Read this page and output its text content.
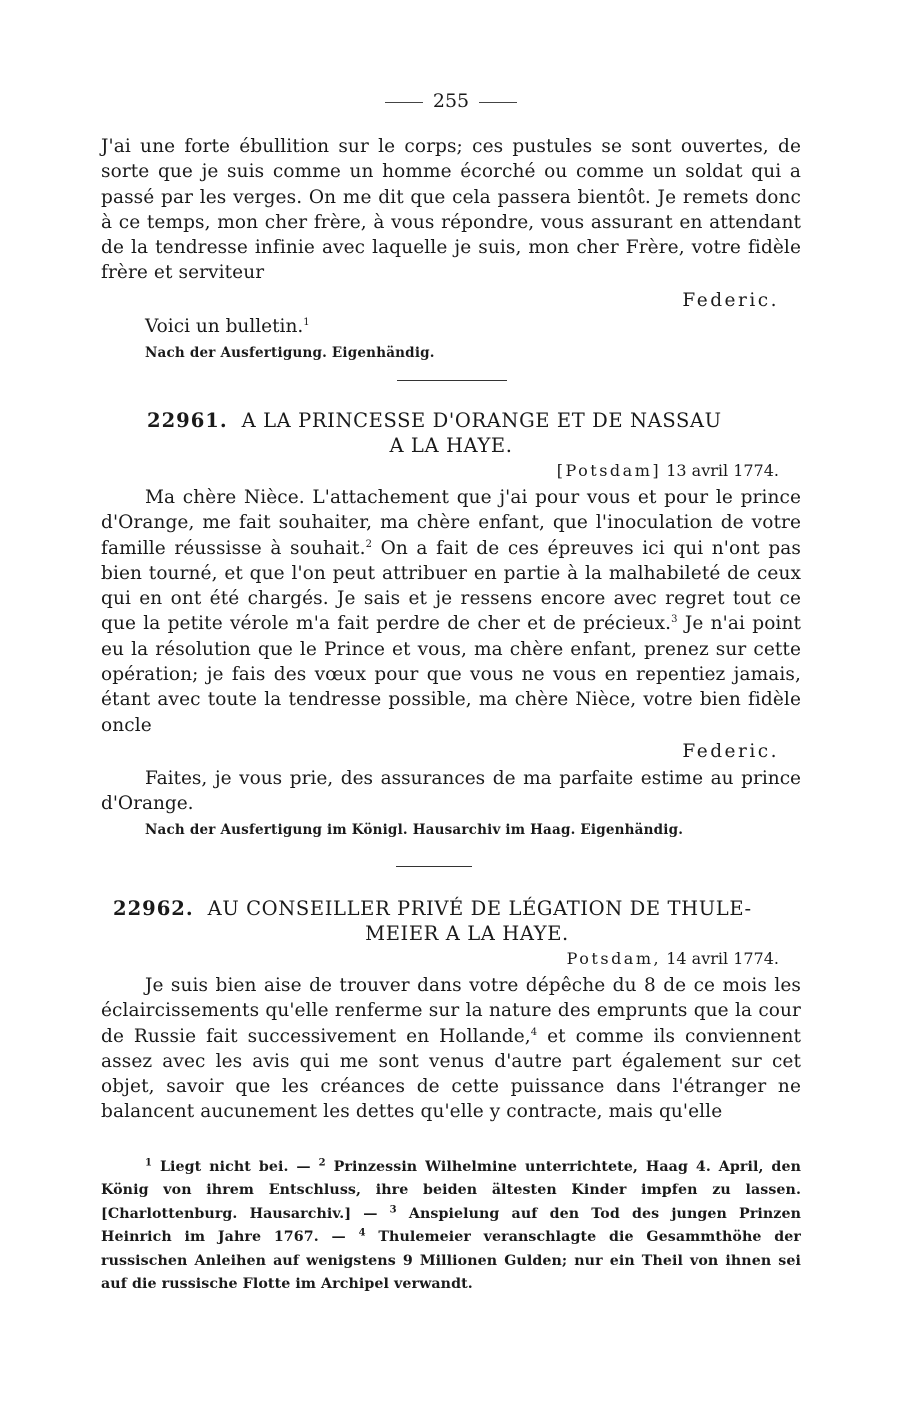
255

J'ai une forte ébullition sur le corps; ces pustules se sont ouvertes, de sorte que je suis comme un homme écorché ou comme un soldat qui a passé par les verges. On me dit que cela passera bientôt. Je remets donc à ce temps, mon cher frère, à vous répondre, vous assurant en attendant de la tendresse infinie avec laquelle je suis, mon cher Frère, votre fidèle frère et serviteur

Federic.

Voici un bulletin.$^1$

Nach der Ausfertigung. Eigenhändig.
22961. A LA PRINCESSE D'ORANGE ET DE NASSAU
A LA HAYE.
[Potsdam] 13 avril 1774.

Ma chère Nièce. L'attachement que j'ai pour vous et pour le prince d'Orange, me fait souhaiter, ma chère enfant, que l'inoculation de votre famille réussisse à souhait.$^2$ On a fait de ces épreuves ici qui n'ont pas bien tourné, et que l'on peut attribuer en partie à la malhabileté de ceux qui en ont été chargés. Je sais et je ressens encore avec regret tout ce que la petite vérole m'a fait perdre de cher et de précieux.$^3$ Je n'ai point eu la résolution que le Prince et vous, ma chère enfant, prenez sur cette opération; je fais des vœux pour que vous ne vous en repentiez jamais, étant avec toute la tendresse possible, ma chère Nièce, votre bien fidèle oncle

Federic.

Faites, je vous prie, des assurances de ma parfaite estime au prince d'Orange.

Nach der Ausfertigung im Königl. Hausarchiv im Haag. Eigenhändig.
22962. AU CONSEILLER PRIVÉ DE LÉGATION DE THULE-
MEIER A LA HAYE.
Potsdam, 14 avril 1774.

Je suis bien aise de trouver dans votre dépêche du 8 de ce mois les éclaircissements qu'elle renferme sur la nature des emprunts que la cour de Russie fait successivement en Hollande,$^4$ et comme ils conviennent assez avec les avis qui me sont venus d'autre part également sur cet objet, savoir que les créances de cette puissance dans l'étranger ne balancent aucunement les dettes qu'elle y contracte, mais qu'elle

$^1$ Liegt nicht bei. — $^2$ Prinzessin Wilhelmine unterrichtete, Haag 4. April, den König von ihrem Entschluss, ihre beiden ältesten Kinder impfen zu lassen. [Charlottenburg. Hausarchiv.] — $^3$ Anspielung auf den Tod des jungen Prinzen Heinrich im Jahre 1767. — $^4$ Thulemeier veranschlagte die Gesammthöhe der russischen Anleihen auf wenigstens 9 Millionen Gulden; nur ein Theil von ihnen sei auf die russische Flotte im Archipel verwandt.
